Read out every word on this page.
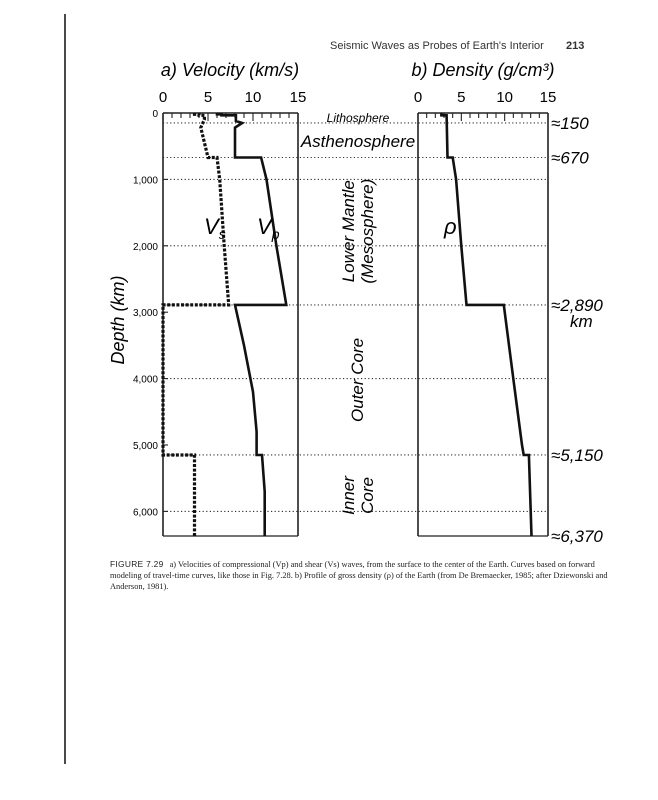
Seismic Waves as Probes of Earth's Interior 213
0 5 10 15	0 5 10 15
a) Velocity (km/s)	b) Density (g/cm³)
0
1,000
2,000
3,000
4,000
5,000
6,000
Depth (km)
$V_s$ $V_p$	ρ
Lithosphere
Asthenosphere
Lower Mantle(Mesosphere)
Outer Core
InnerCore
≈150
≈670
≈2,890
km
≈5,150
≈6,370
FIGURE 7.29 a) Velocities of compressional (Vp) and shear (Vs) waves, from the surface to the center of the Earth. Curves based on forward modeling of travel-time curves, like those in Fig. 7.28. b) Profile of gross density (ρ) of the Earth (from De Bremaecker, 1985; after Dziewonski and Anderson, 1981).
